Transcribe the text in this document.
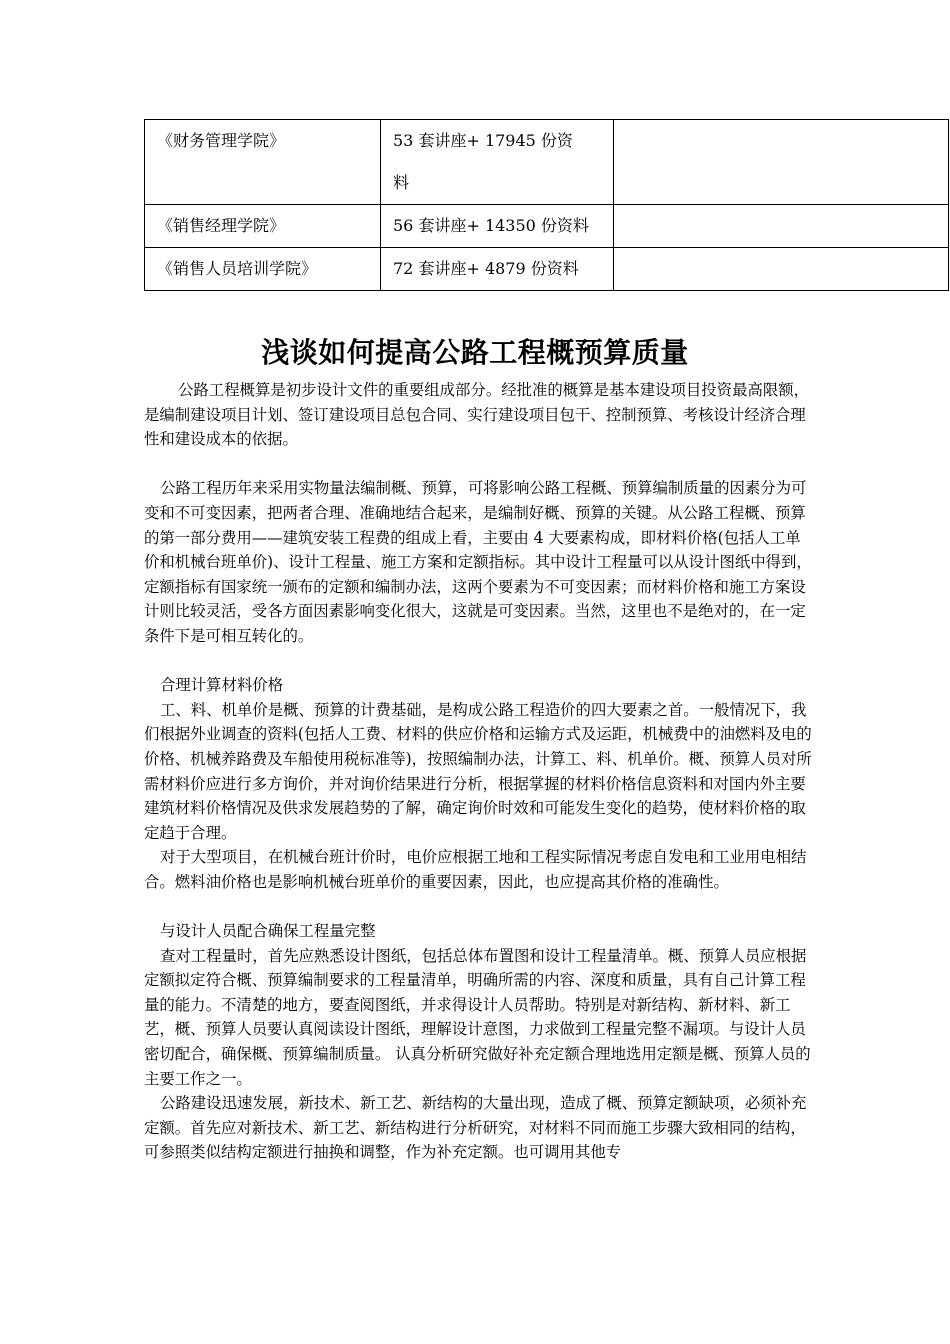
《财务管理学院》	53 套讲座+ 17945 份资料	

《销售经理学院》	56 套讲座+ 14350 份资料	
《销售人员培训学院》	72 套讲座+ 4879 份资料	
浅谈如何提高公路工程概预算质量

公路工程概算是初步设计文件的重要组成部分。经批准的概算是基本建设项目投资最高限额，是编制建设项目计划、签订建设项目总包合同、实行建设项目包干、控制预算、考核设计经济合理性和建设成本的依据。

公路工程历年来采用实物量法编制概、预算，可将影响公路工程概、预算编制质量的因素分为可变和不可变因素，把两者合理、准确地结合起来，是编制好概、预算的关键。从公路工程概、预算的第一部分费用——建筑安装工程费的组成上看，主要由 4 大要素构成，即材料价格(包括人工单价和机械台班单价)、设计工程量、施工方案和定额指标。其中设计工程量可以从设计图纸中得到，定额指标有国家统一颁布的定额和编制办法，这两个要素为不可变因素；而材料价格和施工方案设计则比较灵活，受各方面因素影响变化很大，这就是可变因素。当然，这里也不是绝对的，在一定条件下是可相互转化的。

合理计算材料价格

工、料、机单价是概、预算的计费基础，是构成公路工程造价的四大要素之首。一般情况下，我们根据外业调查的资料(包括人工费、材料的供应价格和运输方式及运距，机械费中的油燃料及电的价格、机械养路费及车船使用税标准等)，按照编制办法，计算工、料、机单价。概、预算人员对所需材料价应进行多方询价，并对询价结果进行分析，根据掌握的材料价格信息资料和对国内外主要建筑材料价格情况及供求发展趋势的了解，确定询价时效和可能发生变化的趋势，使材料价格的取定趋于合理。

对于大型项目，在机械台班计价时，电价应根据工地和工程实际情况考虑自发电和工业用电相结合。燃料油价格也是影响机械台班单价的重要因素，因此，也应提高其价格的准确性。

与设计人员配合确保工程量完整

查对工程量时，首先应熟悉设计图纸，包括总体布置图和设计工程量清单。概、预算人员应根据定额拟定符合概、预算编制要求的工程量清单，明确所需的内容、深度和质量，具有自己计算工程量的能力。不清楚的地方，要查阅图纸，并求得设计人员帮助。特别是对新结构、新材料、新工艺，概、预算人员要认真阅读设计图纸，理解设计意图，力求做到工程量完整不漏项。与设计人员密切配合，确保概、预算编制质量。 认真分析研究做好补充定额合理地选用定额是概、预算人员的主要工作之一。

公路建设迅速发展，新技术、新工艺、新结构的大量出现，造成了概、预算定额缺项，必须补充定额。首先应对新技术、新工艺、新结构进行分析研究，对材料不同而施工步骤大致相同的结构，可参照类似结构定额进行抽换和调整，作为补充定额。也可调用其他专
